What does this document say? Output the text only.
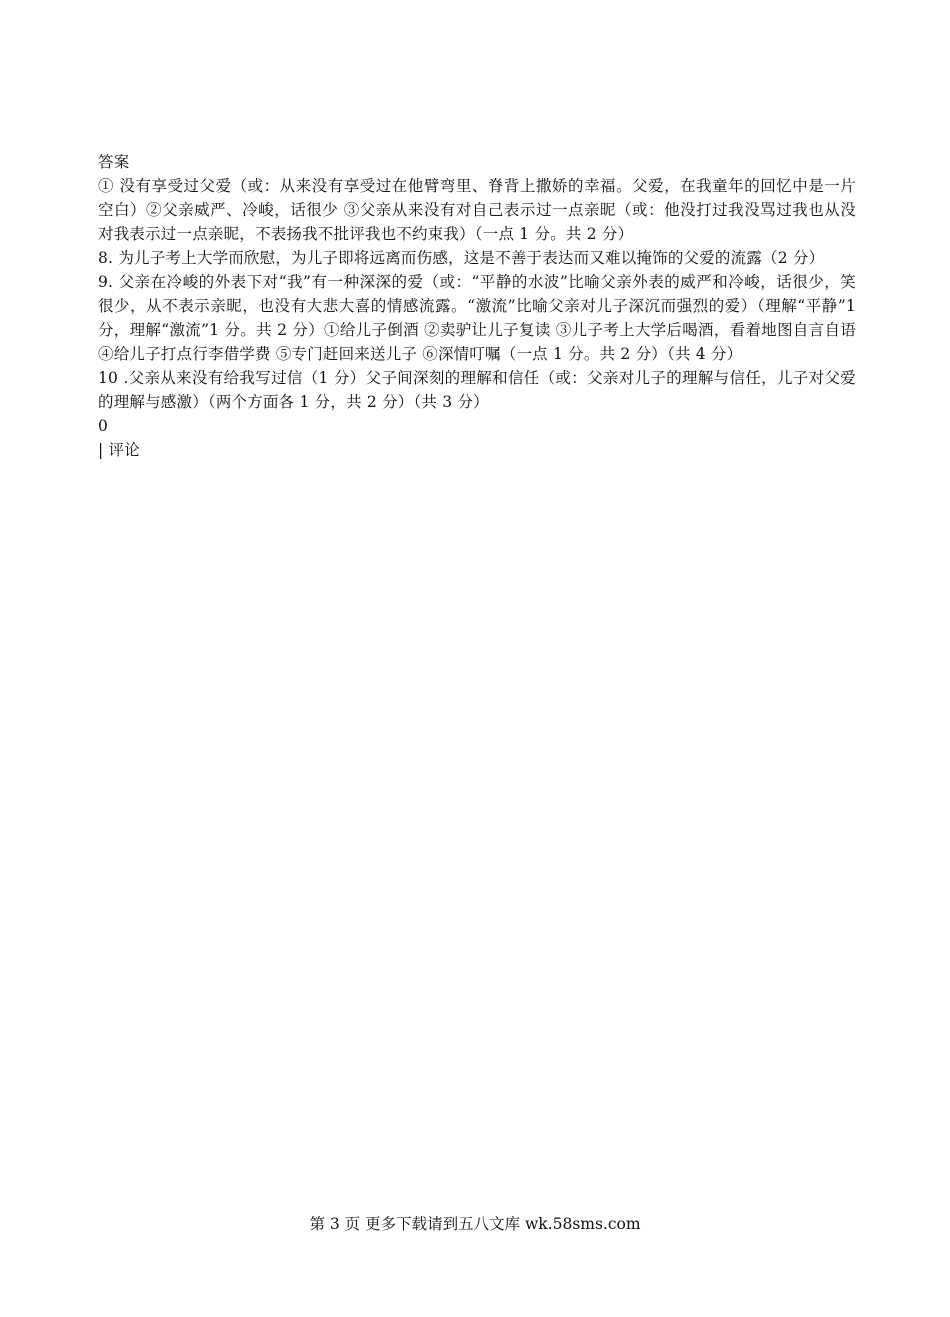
答案

① 没有享受过父爱（或：从来没有享受过在他臂弯里、脊背上撒娇的幸福。父爱，在我童年的回忆中是一片空白）②父亲威严、冷峻，话很少 ③父亲从来没有对自己表示过一点亲昵（或：他没打过我没骂过我也从没对我表示过一点亲昵，不表扬我不批评我也不约束我）（一点 1 分。共 2 分）

8. 为儿子考上大学而欣慰，为儿子即将远离而伤感，这是不善于表达而又难以掩饰的父爱的流露（2 分）

9. 父亲在冷峻的外表下对“我”有一种深深的爱（或：“平静的水波”比喻父亲外表的威严和冷峻，话很少，笑很少，从不表示亲昵，也没有大悲大喜的情感流露。“激流”比喻父亲对儿子深沉而强烈的爱）（理解“平静”1 分，理解“激流”1 分。共 2 分）①给儿子倒酒 ②卖驴让儿子复读 ③儿子考上大学后喝酒，看着地图自言自语 ④给儿子打点行李借学费 ⑤专门赶回来送儿子 ⑥深情叮嘱（一点 1 分。共 2 分）（共 4 分）

10 .父亲从来没有给我写过信（1 分）父子间深刻的理解和信任（或：父亲对儿子的理解与信任，儿子对父爱的理解与感激）（两个方面各 1 分，共 2 分）（共 3 分）

0

| 评论

第 3 页 更多下载请到五八文库 wk.58sms.com
